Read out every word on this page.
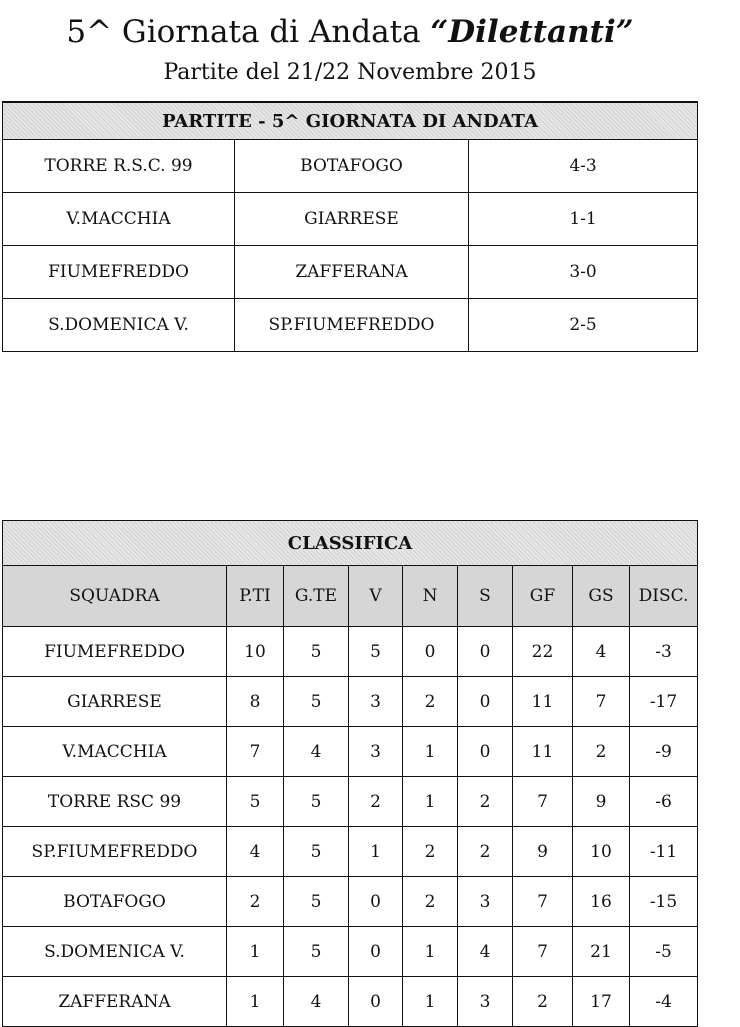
5^ Giornata di Andata “Dilettanti”
Partite del 21/22 Novembre 2015
PARTITE - 5^ GIORNATA DI ANDATA		
TORRE R.S.C. 99	BOTAFOGO	4-3
V.MACCHIA	GIARRESE	1-1
FIUMEFREDDO	ZAFFERANA	3-0
S.DOMENICA V.	SP.FIUMEFREDDO	2-5
CLASSIFICA								
SQUADRA	P.TI	G.TE	V	N	S	GF	GS	DISC.
FIUMEFREDDO	10	5	5	0	0	22	4	-3
GIARRESE	8	5	3	2	0	11	7	-17
V.MACCHIA	7	4	3	1	0	11	2	-9
TORRE RSC 99	5	5	2	1	2	7	9	-6
SP.FIUMEFREDDO	4	5	1	2	2	9	10	-11
BOTAFOGO	2	5	0	2	3	7	16	-15
S.DOMENICA V.	1	5	0	1	4	7	21	-5
ZAFFERANA	1	4	0	1	3	2	17	-4
